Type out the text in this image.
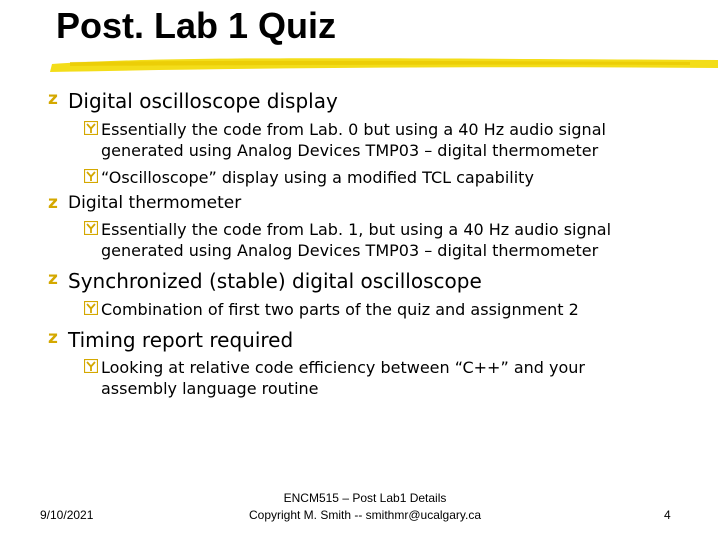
Post. Lab 1 Quiz
z Digital oscilloscope display
Essentially the code from Lab. 0 but using a 40 Hz audio signal
generated using Analog Devices TMP03 – digital thermometer
“Oscilloscope” display using a modified TCL capability
z Digital thermometer
Essentially the code from Lab. 1, but using a 40 Hz audio signal
generated using Analog Devices TMP03 – digital thermometer
z Synchronized (stable) digital oscilloscope
Combination of first two parts of the quiz and assignment 2
z Timing report required
Looking at relative code efficiency between “C++” and your
assembly language routine
9/10/2021
ENCM515 – Post Lab1 Details
Copyright M. Smith -- smithmr@ucalgary.ca	4
